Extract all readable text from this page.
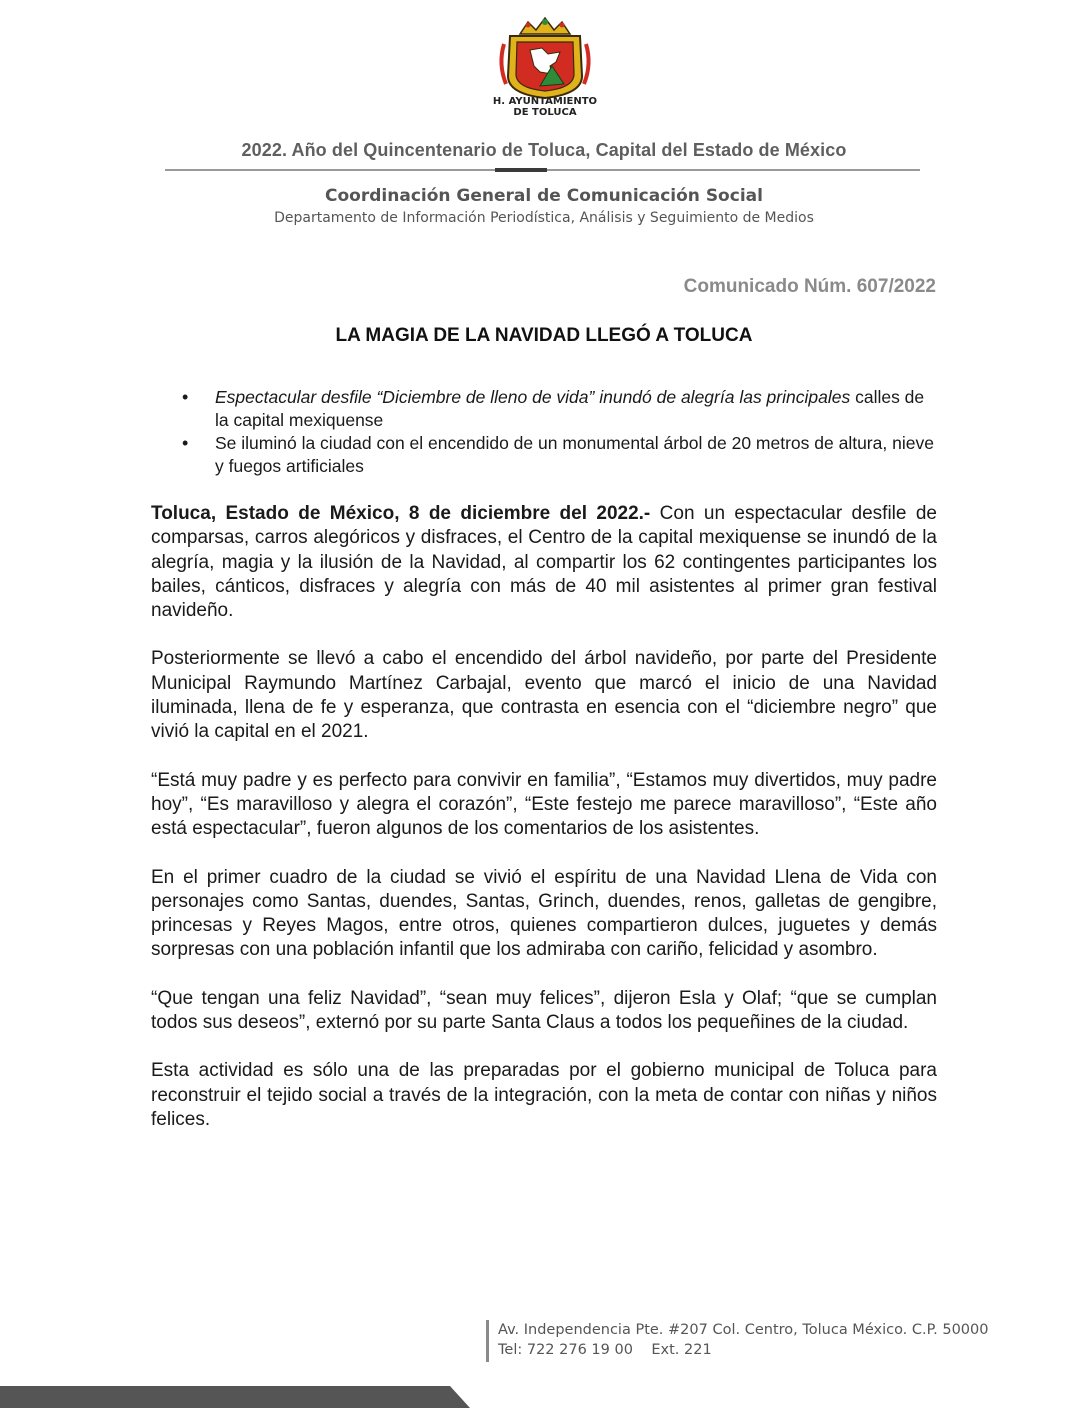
H. AYUNTAMIENTO
DE TOLUCA
2022. Año del Quincentenario de Toluca, Capital del Estado de México
Coordinación General de Comunicación Social
Departamento de Información Periodística, Análisis y Seguimiento de Medios
Comunicado Núm. 607/2022
LA MAGIA DE LA NAVIDAD LLEGÓ A TOLUCA
• Espectacular desfile “Diciembre de lleno de vida” inundó de alegría las principales calles de la capital mexiquense
• Se iluminó la ciudad con el encendido de un monumental árbol de 20 metros de altura, nieve y fuegos artificiales

Toluca, Estado de México, 8 de diciembre del 2022.- Con un espectacular desfile de comparsas, carros alegóricos y disfraces, el Centro de la capital mexiquense se inundó de la alegría, magia y la ilusión de la Navidad, al compartir los 62 contingentes participantes los bailes, cánticos, disfraces y alegría con más de 40 mil asistentes al primer gran festival navideño.

Posteriormente se llevó a cabo el encendido del árbol navideño, por parte del Presidente Municipal Raymundo Martínez Carbajal, evento que marcó el inicio de una Navidad iluminada, llena de fe y esperanza, que contrasta en esencia con el “diciembre negro” que vivió la capital en el 2021.

“Está muy padre y es perfecto para convivir en familia”, “Estamos muy divertidos, muy padre hoy”, “Es maravilloso y alegra el corazón”, “Este festejo me parece maravilloso”, “Este año está espectacular”, fueron algunos de los comentarios de los asistentes.

En el primer cuadro de la ciudad se vivió el espíritu de una Navidad Llena de Vida con personajes como Santas, duendes, Santas, Grinch, duendes, renos, galletas de gengibre, princesas y Reyes Magos, entre otros, quienes compartieron dulces, juguetes y demás sorpresas con una población infantil que los admiraba con cariño, felicidad y asombro.

“Que tengan una feliz Navidad”, “sean muy felices”, dijeron Esla y Olaf; “que se cumplan todos sus deseos”, externó por su parte Santa Claus a todos los pequeñines de la ciudad.

Esta actividad es sólo una de las preparadas por el gobierno municipal de Toluca para reconstruir el tejido social a través de la integración, con la meta de contar con niñas y niños felices.

Av. Independencia Pte. #207 Col. Centro, Toluca México. C.P. 50000
Tel: 722 276 19 00    Ext. 221
